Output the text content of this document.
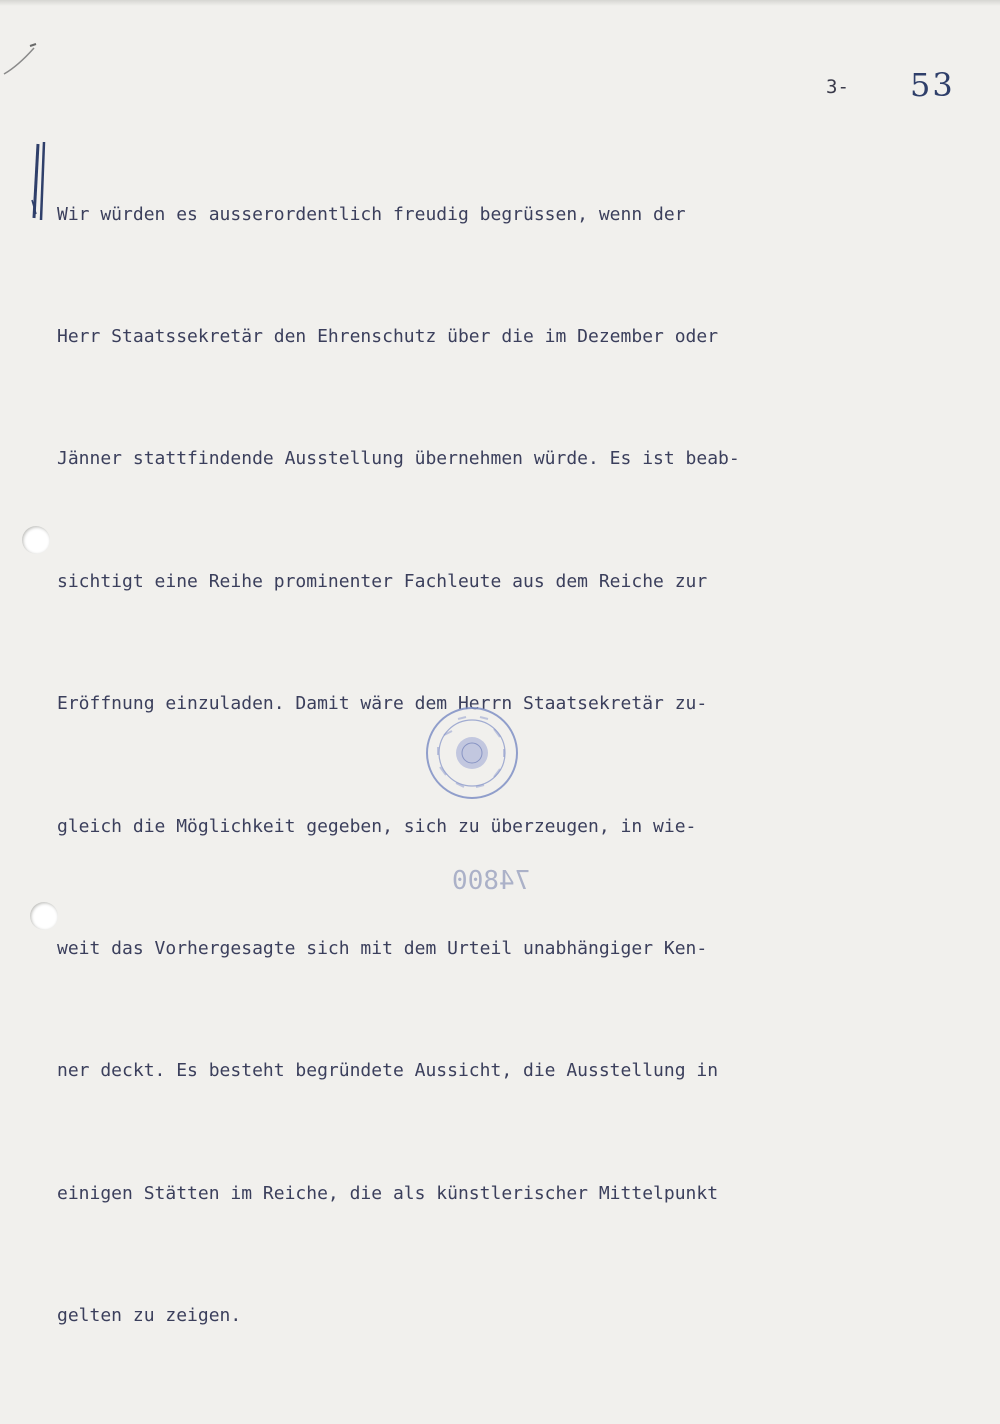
3- 53

Wir würden es ausserordentlich freudig begrüssen, wenn der

Herr Staatssekretär den Ehrenschutz über die im Dezember oder

Jänner stattfindende Ausstellung übernehmen würde. Es ist beab-

sichtigt eine Reihe prominenter Fachleute aus dem Reiche zur

Eröffnung einzuladen. Damit wäre dem Herrn Staatsekretär zu-

gleich die Möglichkeit gegeben, sich zu überzeugen, in wie-

weit das Vorhergesagte sich mit dem Urteil unabhängiger Ken-

ner deckt. Es besteht begründete Aussicht, die Ausstellung in

einigen Stätten im Reiche, die als künstlerischer Mittelpunkt

gelten zu zeigen.

74800
